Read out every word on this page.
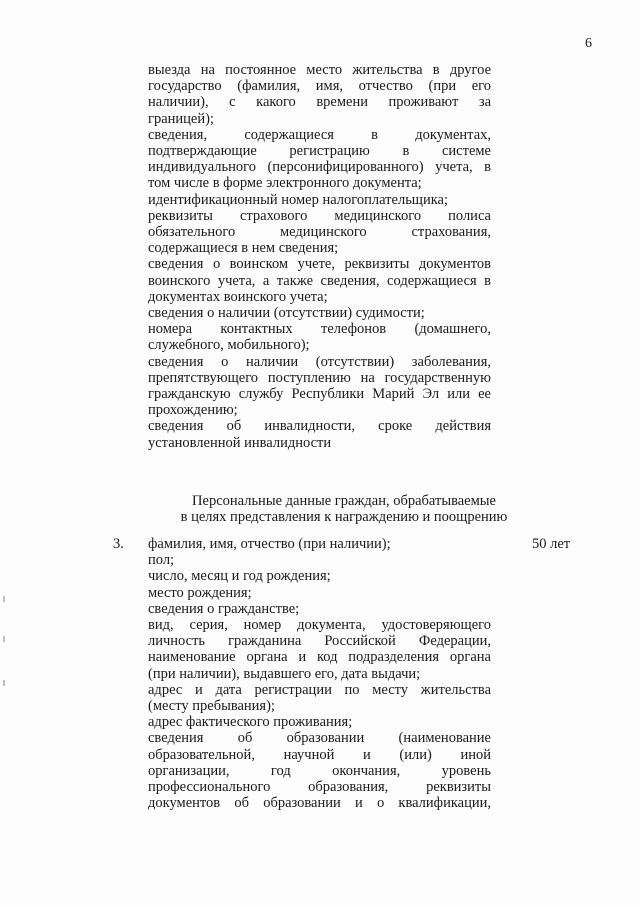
6
выезда на постоянное место жительства в другое
государство (фамилия, имя, отчество (при его
наличии), с какого времени проживают за
границей);
сведения, содержащиеся в документах,
подтверждающие регистрацию в системе
индивидуального (персонифицированного) учета, в
том числе в форме электронного документа;
идентификационный номер налогоплательщика;
реквизиты страхового медицинского полиса
обязательного медицинского страхования,
содержащиеся в нем сведения;
сведения о воинском учете, реквизиты документов
воинского учета, а также сведения, содержащиеся в
документах воинского учета;
сведения о наличии (отсутствии) судимости;
номера контактных телефонов (домашнего,
служебного, мобильного);
сведения о наличии (отсутствии) заболевания,
препятствующего поступлению на государственную
гражданскую службу Республики Марий Эл или ее
прохождению;
сведения об инвалидности, сроке действия
установленной инвалидности
Персональные данные граждан, обрабатываемые
в целях представления к награждению и поощрению
3.	50 лет
фамилия, имя, отчество (при наличии);
пол;
число, месяц и год рождения;
место рождения;
сведения о гражданстве;
вид, серия, номер документа, удостоверяющего
личность гражданина Российской Федерации,
наименование органа и код подразделения органа
(при наличии), выдавшего его, дата выдачи;
адрес и дата регистрации по месту жительства
(месту пребывания);
адрес фактического проживания;
сведения об образовании (наименование
образовательной, научной и (или) иной
организации, год окончания, уровень
профессионального образования, реквизиты
документов об образовании и о квалификации,
